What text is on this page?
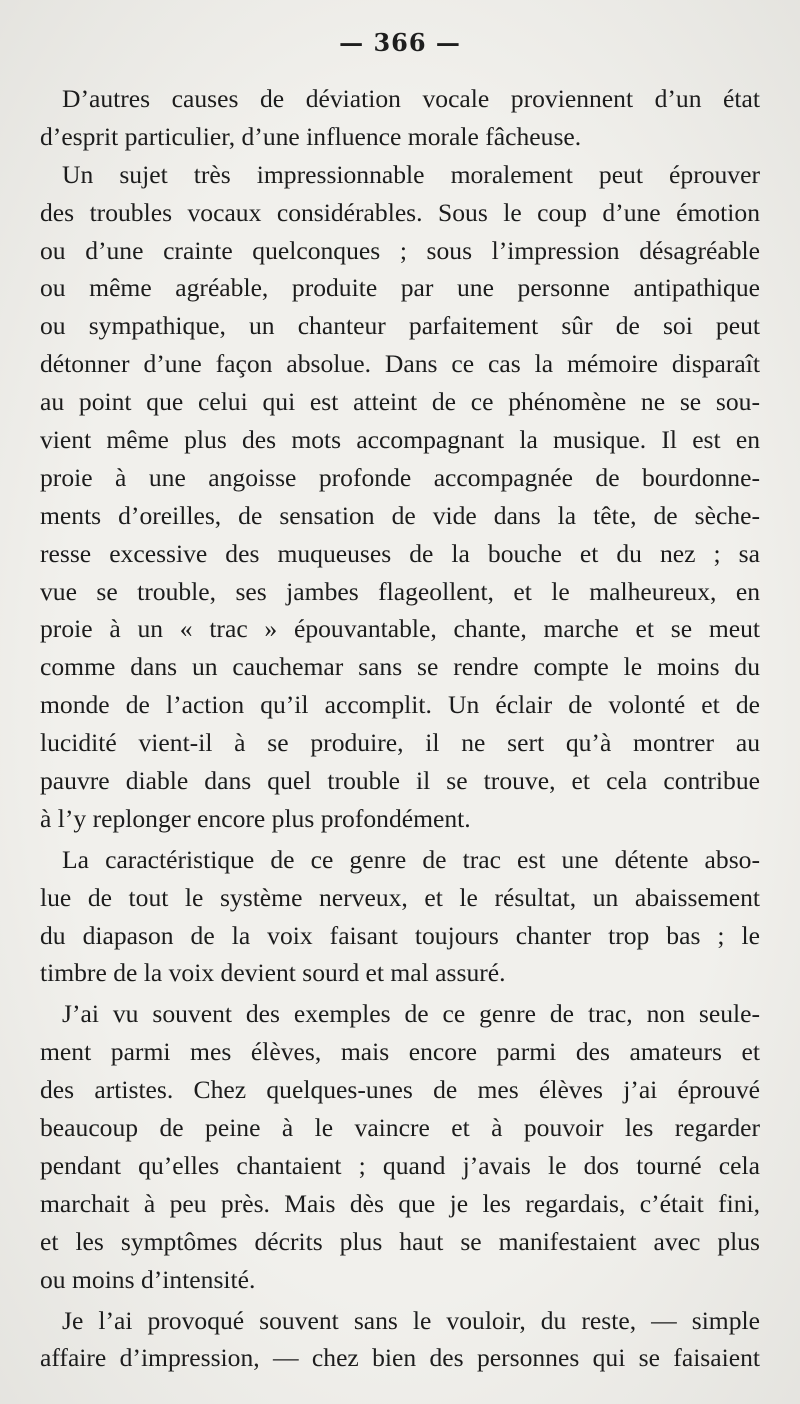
— 366 —
D’autres causes de déviation vocale proviennent d’un état
d’esprit particulier, d’une influence morale fâcheuse.
Un sujet très impressionnable moralement peut éprouver
des troubles vocaux considérables. Sous le coup d’une émotion
ou d’une crainte quelconques ; sous l’impression désagréable
ou même agréable, produite par une personne antipathique
ou sympathique, un chanteur parfaitement sûr de soi peut
détonner d’une façon absolue. Dans ce cas la mémoire disparaît
au point que celui qui est atteint de ce phénomène ne se sou-
vient même plus des mots accompagnant la musique. Il est en
proie à une angoisse profonde accompagnée de bourdonne-
ments d’oreilles, de sensation de vide dans la tête, de sèche-
resse excessive des muqueuses de la bouche et du nez ; sa
vue se trouble, ses jambes flageollent, et le malheureux, en
proie à un « trac » épouvantable, chante, marche et se meut
comme dans un cauchemar sans se rendre compte le moins du
monde de l’action qu’il accomplit. Un éclair de volonté et de
lucidité vient-il à se produire, il ne sert qu’à montrer au
pauvre diable dans quel trouble il se trouve, et cela contribue
à l’y replonger encore plus profondément.
La caractéristique de ce genre de trac est une détente abso-
lue de tout le système nerveux, et le résultat, un abaissement
du diapason de la voix faisant toujours chanter trop bas ; le
timbre de la voix devient sourd et mal assuré.
J’ai vu souvent des exemples de ce genre de trac, non seule-
ment parmi mes élèves, mais encore parmi des amateurs et
des artistes. Chez quelques-unes de mes élèves j’ai éprouvé
beaucoup de peine à le vaincre et à pouvoir les regarder
pendant qu’elles chantaient ; quand j’avais le dos tourné cela
marchait à peu près. Mais dès que je les regardais, c’était fini,
et les symptômes décrits plus haut se manifestaient avec plus
ou moins d’intensité.
Je l’ai provoqué souvent sans le vouloir, du reste, — simple
affaire d’impression, — chez bien des personnes qui se faisaient
